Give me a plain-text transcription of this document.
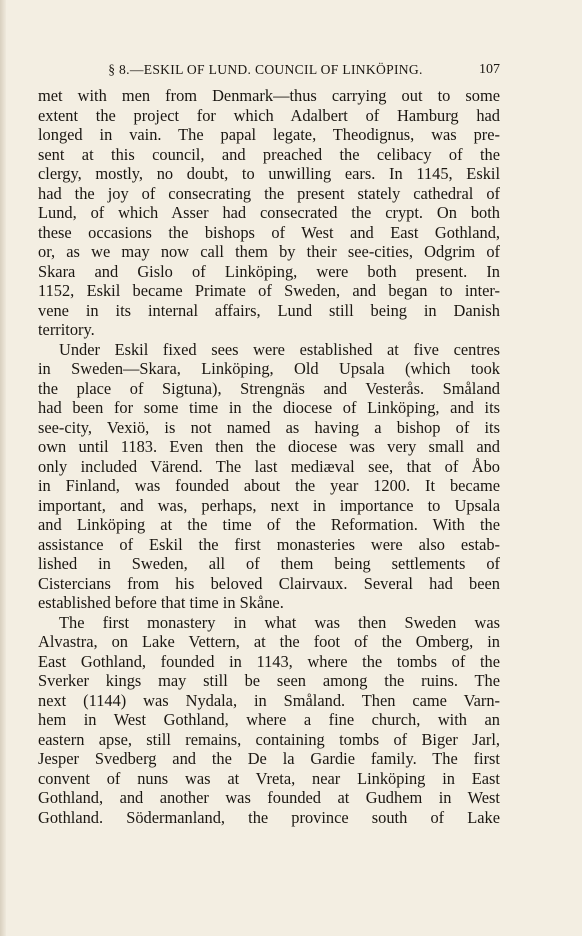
§ 8.—ESKIL OF LUND. COUNCIL OF LINKÖPING.	107
met with men from Denmark—thus carrying out to some
extent the project for which Adalbert of Hamburg had
longed in vain. The papal legate, Theodignus, was pre-
sent at this council, and preached the celibacy of the
clergy, mostly, no doubt, to unwilling ears. In 1145, Eskil
had the joy of consecrating the present stately cathedral of
Lund, of which Asser had consecrated the crypt. On both
these occasions the bishops of West and East Gothland,
or, as we may now call them by their see-cities, Odgrim of
Skara and Gislo of Linköping, were both present. In
1152, Eskil became Primate of Sweden, and began to inter-
vene in its internal affairs, Lund still being in Danish
territory.
Under Eskil fixed sees were established at five centres
in Sweden—Skara, Linköping, Old Upsala (which took
the place of Sigtuna), Strengnäs and Vesterås. Småland
had been for some time in the diocese of Linköping, and its
see-city, Vexiö, is not named as having a bishop of its
own until 1183. Even then the diocese was very small and
only included Värend. The last mediæval see, that of Åbo
in Finland, was founded about the year 1200. It became
important, and was, perhaps, next in importance to Upsala
and Linköping at the time of the Reformation. With the
assistance of Eskil the first monasteries were also estab-
lished in Sweden, all of them being settlements of
Cistercians from his beloved Clairvaux. Several had been
established before that time in Skåne.
The first monastery in what was then Sweden was
Alvastra, on Lake Vettern, at the foot of the Omberg, in
East Gothland, founded in 1143, where the tombs of the
Sverker kings may still be seen among the ruins. The
next (1144) was Nydala, in Småland. Then came Varn-
hem in West Gothland, where a fine church, with an
eastern apse, still remains, containing tombs of Biger Jarl,
Jesper Svedberg and the De la Gardie family. The first
convent of nuns was at Vreta, near Linköping in East
Gothland, and another was founded at Gudhem in West
Gothland. Södermanland, the province south of Lake
